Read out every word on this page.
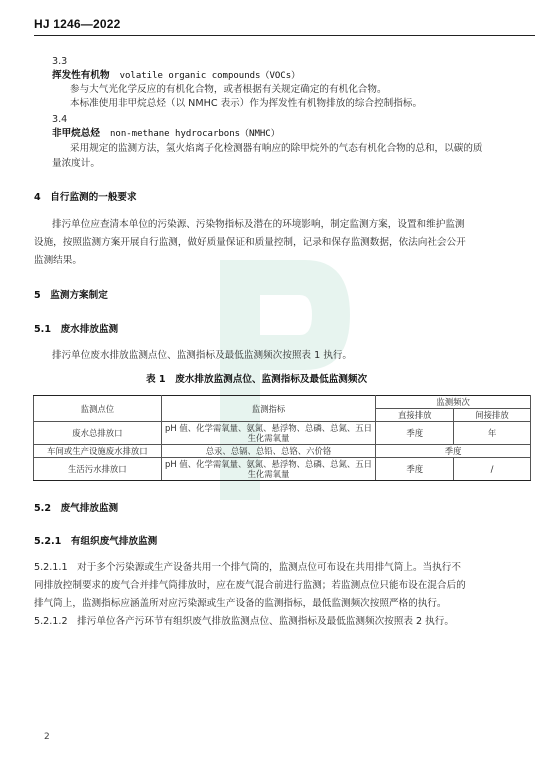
HJ 1246—2022
3.3
挥发性有机物 volatile organic compounds（VOCs）
参与大气光化学反应的有机化合物，或者根据有关规定确定的有机化合物。
本标准使用非甲烷总烃（以 NMHC 表示）作为挥发性有机物排放的综合控制指标。
3.4
非甲烷总烃 non-methane hydrocarbons（NMHC）
采用规定的监测方法，氢火焰离子化检测器有响应的除甲烷外的气态有机化合物的总和，以碳的质
量浓度计。
4　自行监测的一般要求
排污单位应查清本单位的污染源、污染物指标及潜在的环境影响，制定监测方案，设置和维护监测
设施，按照监测方案开展自行监测，做好质量保证和质量控制，记录和保存监测数据，依法向社会公开
监测结果。
5　监测方案制定
5.1　废水排放监测
排污单位废水排放监测点位、监测指标及最低监测频次按照表 1 执行。
表 1　废水排放监测点位、监测指标及最低监测频次
监测点位	监测指标	监测频次	
		直接排放	间接排放
废水总排放口	pH 值、化学需氧量、氨氮、悬浮物、总磷、总氮、五日
生化需氧量	季度	年
车间或生产设施废水排放口	总汞、总镉、总铅、总铬、六价铬	季度	
生活污水排放口	pH 值、化学需氧量、氨氮、悬浮物、总磷、总氮、五日
生化需氧量	季度	/
5.2　废气排放监测
5.2.1　有组织废气排放监测
5.2.1.1　对于多个污染源或生产设备共用一个排气筒的，监测点位可布设在共用排气筒上。当执行不
同排放控制要求的废气合并排气筒排放时，应在废气混合前进行监测；若监测点位只能布设在混合后的
排气筒上，监测指标应涵盖所对应污染源或生产设备的监测指标，最低监测频次按照严格的执行。
5.2.1.2　排污单位各产污环节有组织废气排放监测点位、监测指标及最低监测频次按照表 2 执行。
2
